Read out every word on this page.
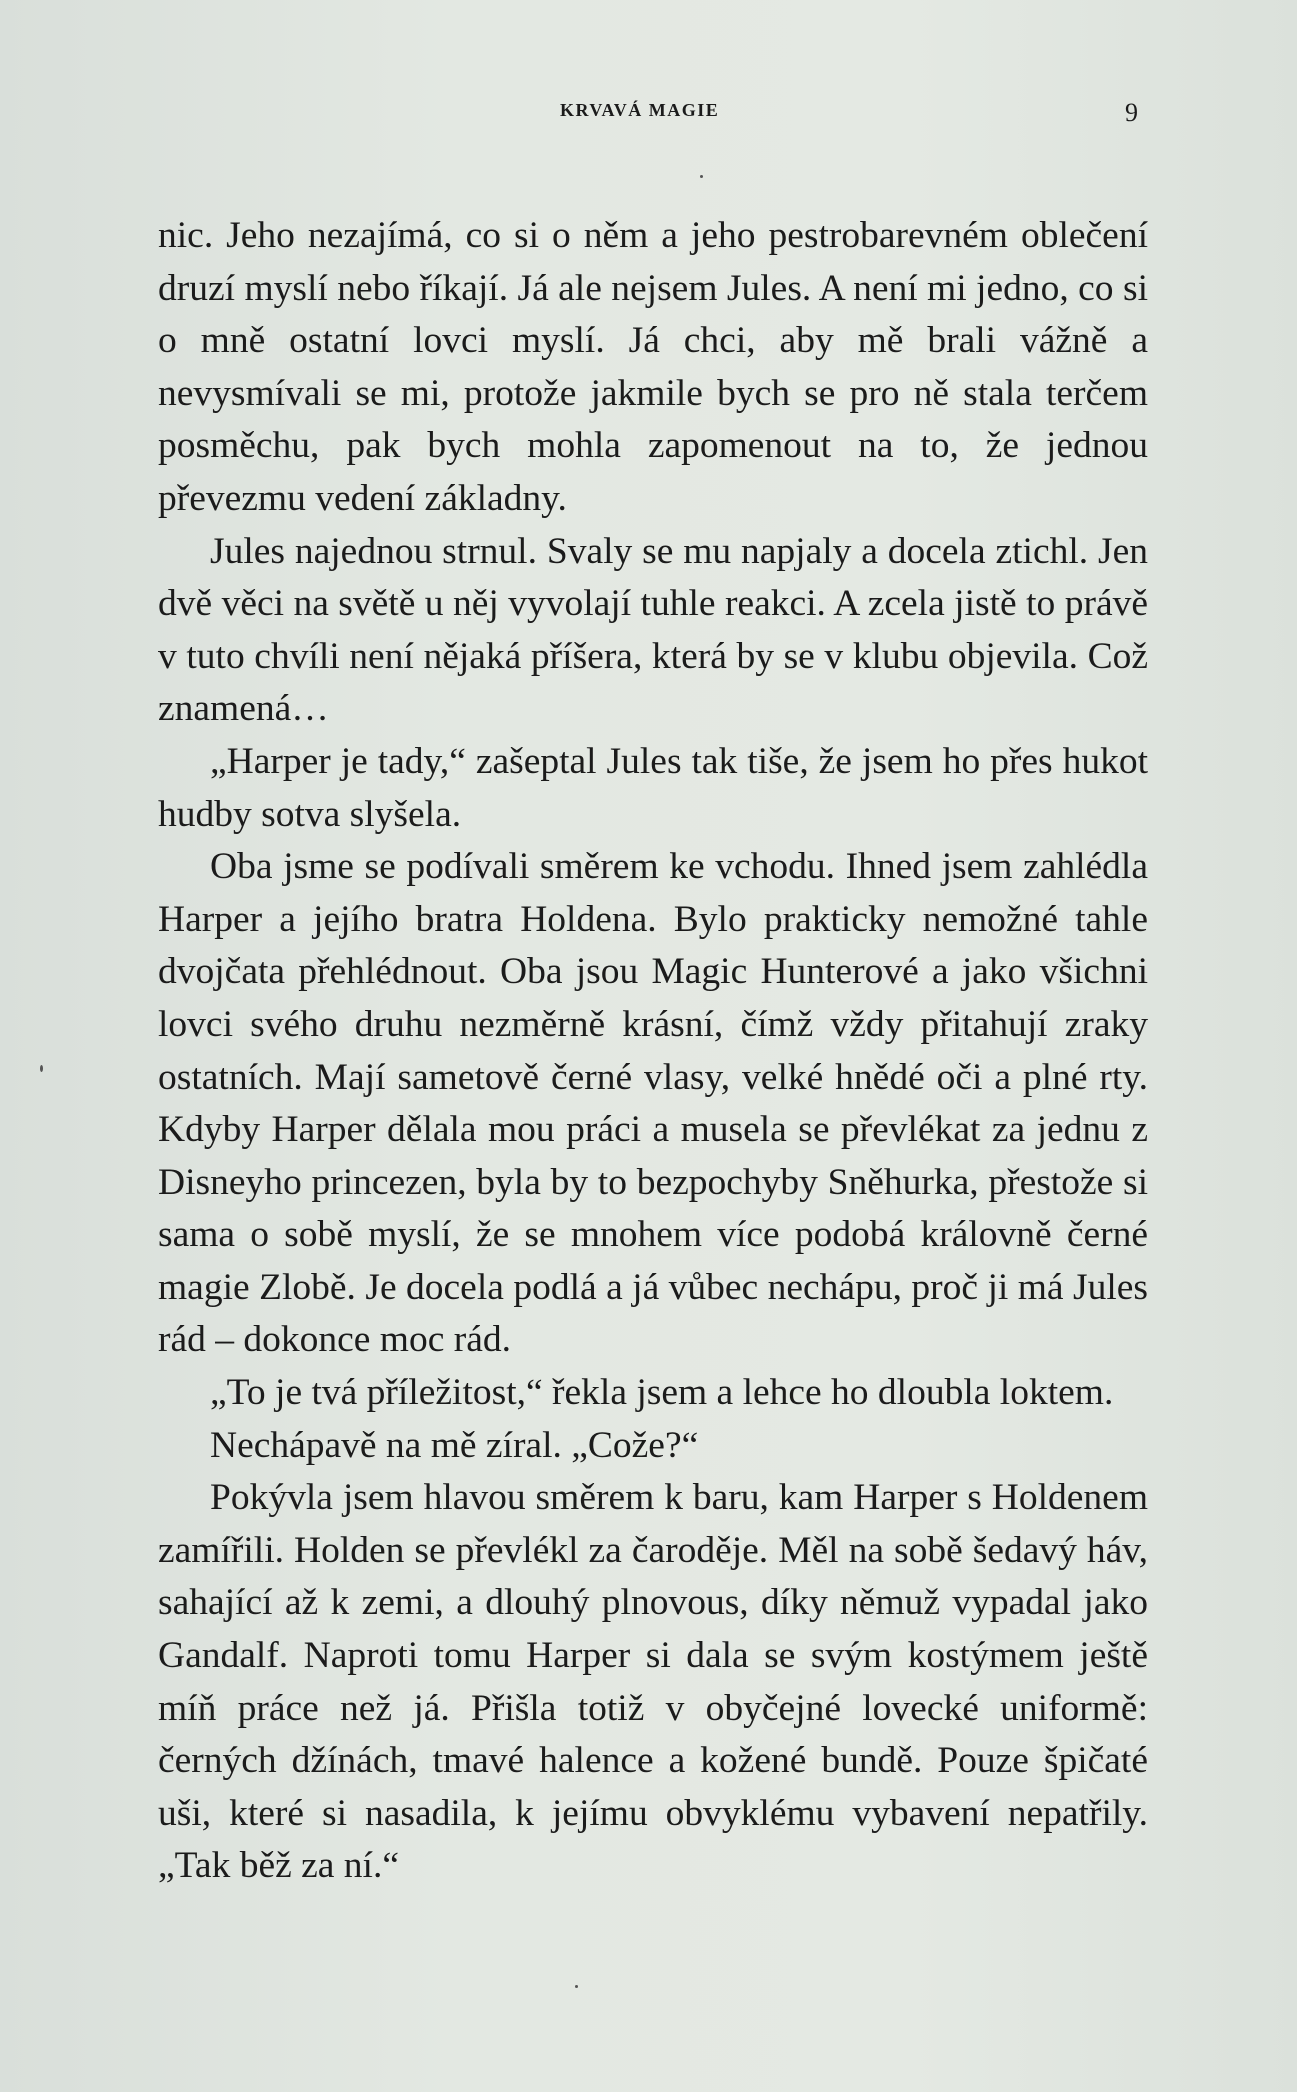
KRVAVÁ MAGIE	9

nic. Jeho nezajímá, co si o něm a jeho pestrobarevném oblečení druzí myslí nebo říkají. Já ale nejsem Jules. A není mi jedno, co si o mně ostatní lovci myslí. Já chci, aby mě brali vážně a nevysmívali se mi, protože jakmile bych se pro ně stala terčem posměchu, pak bych mohla zapomenout na to, že jednou převezmu vedení základny.

Jules najednou strnul. Svaly se mu napjaly a docela ztichl. Jen dvě věci na světě u něj vyvolají tuhle reakci. A zcela jistě to právě v tuto chvíli není nějaká příšera, která by se v klubu objevila. Což znamená…

„Harper je tady,“ zašeptal Jules tak tiše, že jsem ho přes hukot hudby sotva slyšela.

Oba jsme se podívali směrem ke vchodu. Ihned jsem zahlédla Harper a jejího bratra Holdena. Bylo prakticky nemožné tahle dvojčata přehlédnout. Oba jsou Magic Hunterové a jako všichni lovci svého druhu nezměrně krásní, čímž vždy přitahují zraky ostatních. Mají sametově černé vlasy, velké hnědé oči a plné rty. Kdyby Harper dělala mou práci a musela se převlékat za jednu z Disneyho princezen, byla by to bezpochyby Sněhurka, přestože si sama o sobě myslí, že se mnohem více podobá královně černé magie Zlobě. Je docela podlá a já vůbec nechápu, proč ji má Jules rád – dokonce moc rád.

„To je tvá příležitost,“ řekla jsem a lehce ho dloubla loktem.

Nechápavě na mě zíral. „Cože?“

Pokývla jsem hlavou směrem k baru, kam Harper s Holdenem zamířili. Holden se převlékl za čaroděje. Měl na sobě šedavý háv, sahající až k zemi, a dlouhý plnovous, díky němuž vypadal jako Gandalf. Naproti tomu Harper si dala se svým kostýmem ještě míň práce než já. Přišla totiž v obyčejné lovecké uniformě: černých džínách, tmavé halence a kožené bundě. Pouze špičaté uši, které si nasadila, k jejímu obvyklému vybavení nepatřily. „Tak běž za ní.“
